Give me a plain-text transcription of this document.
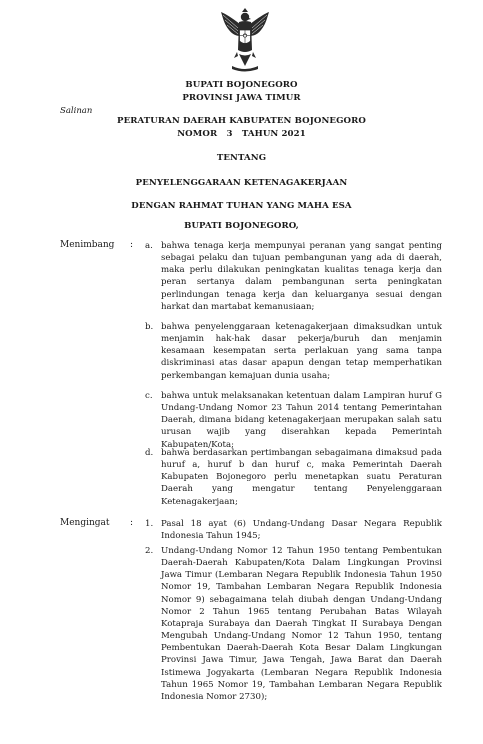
BUPATI BOJONEGORO
PROVINSI JAWA TIMUR
Salinan
PERATURAN DAERAH KABUPATEN BOJONEGORO
NOMOR   3   TAHUN 2021
TENTANG
PENYELENGGARAAN KETENAGAKERJAAN
DENGAN RAHMAT TUHAN YANG MAHA ESA
BUPATI BOJONEGORO,
Menimbang : a. bahwa tenaga kerja mempunyai peranan yang sangat penting sebagai pelaku dan tujuan pembangunan yang ada di daerah, maka perlu dilakukan peningkatan kualitas tenaga kerja dan peran sertanya dalam pembangunan serta peningkatan perlindungan tenaga kerja dan keluarganya sesuai dengan harkat dan martabat kemanusiaan;
b. bahwa penyelenggaraan ketenagakerjaan dimaksudkan untuk menjamin hak-hak dasar pekerja/buruh dan menjamin kesamaan kesempatan serta perlakuan yang sama tanpa diskriminasi atas dasar apapun dengan tetap memperhatikan perkembangan kemajuan dunia usaha;
c. bahwa untuk melaksanakan ketentuan dalam Lampiran huruf G Undang-Undang Nomor 23 Tahun 2014 tentang Pemerintahan Daerah, dimana bidang ketenagakerjaan merupakan salah satu urusan wajib yang diserahkan kepada Pemerintah Kabupaten/Kota;
d. bahwa berdasarkan pertimbangan sebagaimana dimaksud pada huruf a, huruf b dan huruf c, maka Pemerintah Daerah Kabupaten Bojonegoro perlu menetapkan suatu Peraturan Daerah yang mengatur tentang Penyelenggaraan Ketenagakerjaan;
Mengingat : 1. Pasal 18 ayat (6) Undang-Undang Dasar Negara Republik Indonesia Tahun 1945;
2. Undang-Undang Nomor 12 Tahun 1950 tentang Pembentukan Daerah-Daerah Kabupaten/Kota Dalam Lingkungan Provinsi Jawa Timur (Lembaran Negara Republik Indonesia Tahun 1950 Nomor 19, Tambahan Lembaran Negara Republik Indonesia Nomor 9) sebagaimana telah diubah dengan Undang-Undang Nomor 2 Tahun 1965 tentang Perubahan Batas Wilayah Kotapraja Surabaya dan Daerah Tingkat II Surabaya Dengan Mengubah Undang-Undang Nomor 12 Tahun 1950, tentang Pembentukan Daerah-Daerah Kota Besar Dalam Lingkungan Provinsi Jawa Timur, Jawa Tengah, Jawa Barat dan Daerah Istimewa Jogyakarta (Lembaran Negara Republik Indonesia Tahun 1965 Nomor 19, Tambahan Lembaran Negara Republik Indonesia Nomor 2730);
